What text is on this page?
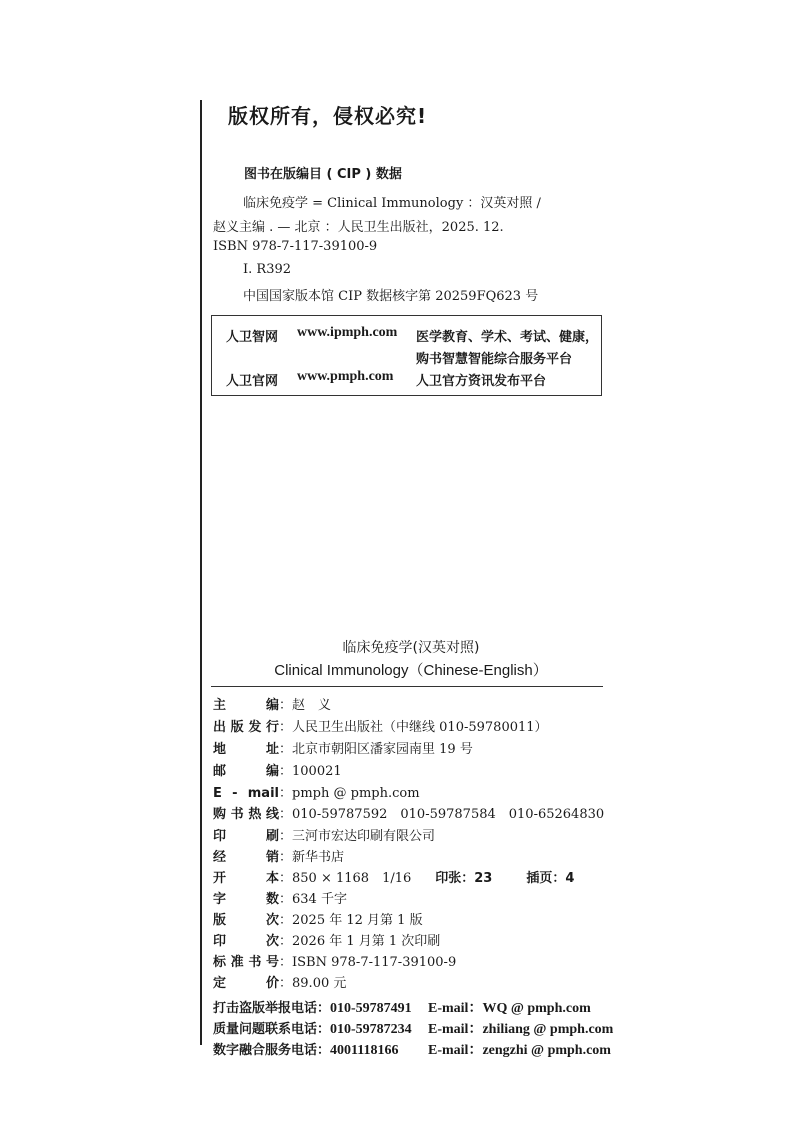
版权所有，侵权必究!
图书在版编目 ( CIP ) 数据
临床免疫学 = Clinical Immunology ：汉英对照 /
赵义主编 . — 北京 ：人民卫生出版社，2025. 12.
ISBN 978-7-117-39100-9
I. R392
中国国家版本馆 CIP 数据核字第 20259FQ623 号
人卫智网 www.ipmph.com 医学教育、学术、考试、健康，
购书智慧智能综合服务平台
人卫官网 www.pmph.com 人卫官方资讯发布平台
临床免疫学(汉英对照)
Clinical Immunology（Chinese-English）
主　　编：赵　义
出版发行：人民卫生出版社（中继线 010-59780011）
地　　址：北京市朝阳区潘家园南里 19 号
邮　　编：100021
E - mail：pmph @ pmph.com
购书热线：010-59787592　010-59787584　010-65264830
印　　刷：三河市宏达印刷有限公司
经　　销：新华书店
开　　本：850 × 1168　1/16 印张：23	插页：4
字　　数：634 千字
版　　次：2025 年 12 月第 1 版
印　　次：2026 年 1 月第 1 次印刷
标准书号：ISBN 978-7-117-39100-9
定　　价：89.00 元
打击盗版举报电话：010-59787491 E-mail：WQ @ pmph.com
质量问题联系电话：010-59787234 E-mail：zhiliang @ pmph.com
数字融合服务电话：4001118166 E-mail：zengzhi @ pmph.com
